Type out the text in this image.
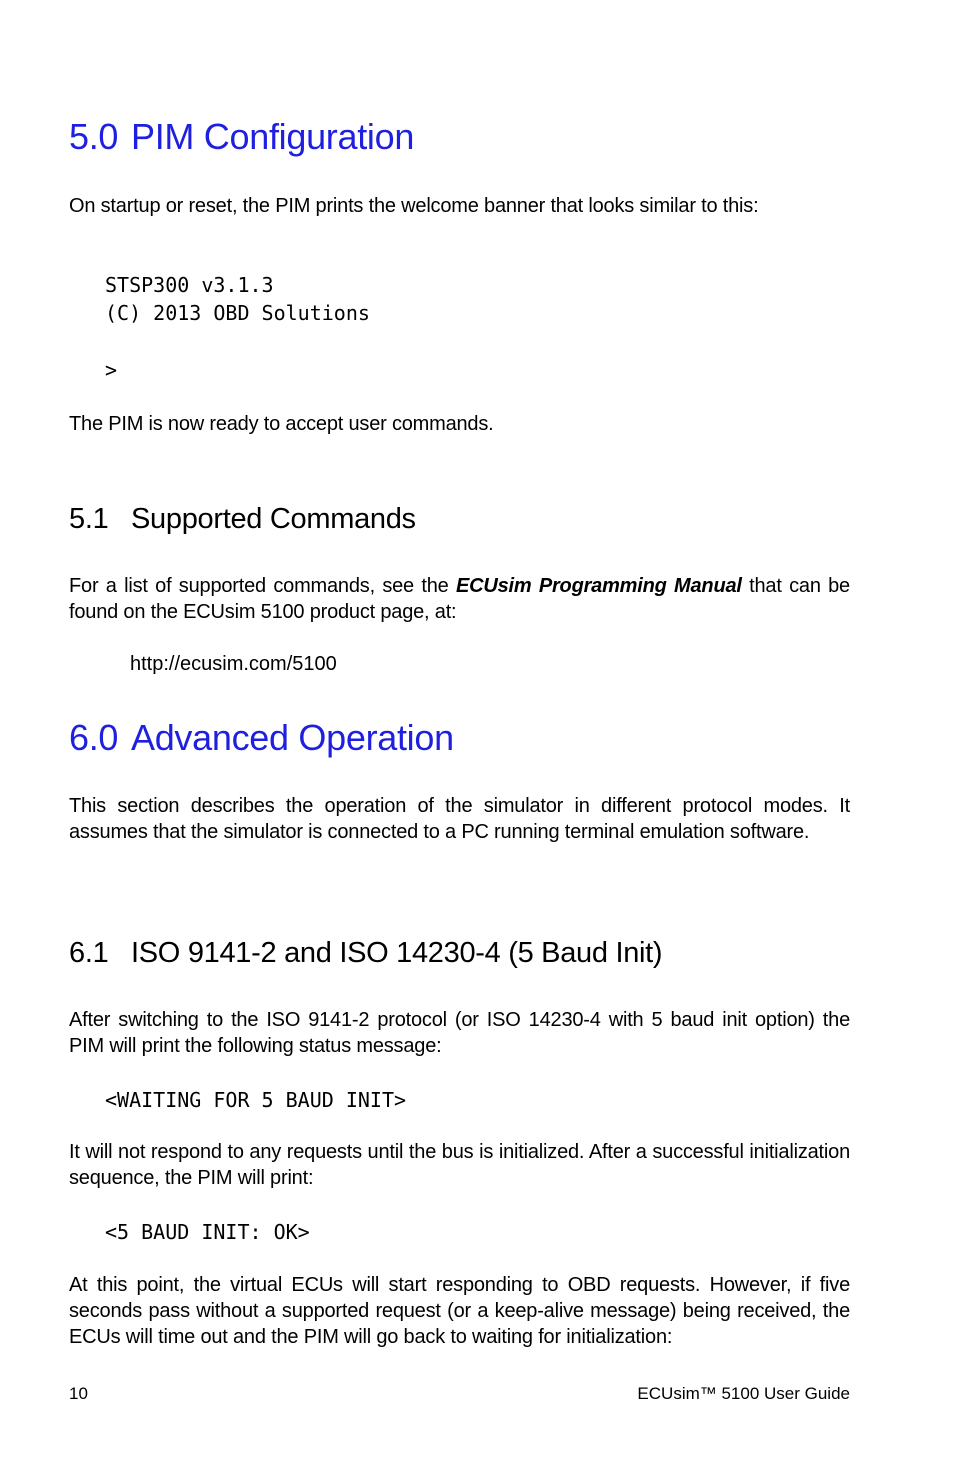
5.0 PIM Configuration

On startup or reset, the PIM prints the welcome banner that looks similar to this:

STSP300 v3.1.3
(C) 2013 OBD Solutions
>

The PIM is now ready to accept user commands.

5.1 Supported Commands

For a list of supported commands, see the ECUsim Programming Manual that can be found on the ECUsim 5100 product page, at:

http://ecusim.com/5100

6.0 Advanced Operation

This section describes the operation of the simulator in different protocol modes. It assumes that the simulator is connected to a PC running terminal emulation software.

6.1 ISO 9141-2 and ISO 14230-4 (5 Baud Init)

After switching to the ISO 9141-2 protocol (or ISO 14230-4 with 5 baud init option) the PIM will print the following status message:

<WAITING FOR 5 BAUD INIT>

It will not respond to any requests until the bus is initialized. After a successful initialization sequence, the PIM will print:

<5 BAUD INIT: OK>

At this point, the virtual ECUs will start responding to OBD requests. However, if five seconds pass without a supported request (or a keep-alive message) being received, the ECUs will time out and the PIM will go back to waiting for initialization:

10	ECUsim™ 5100 User Guide
